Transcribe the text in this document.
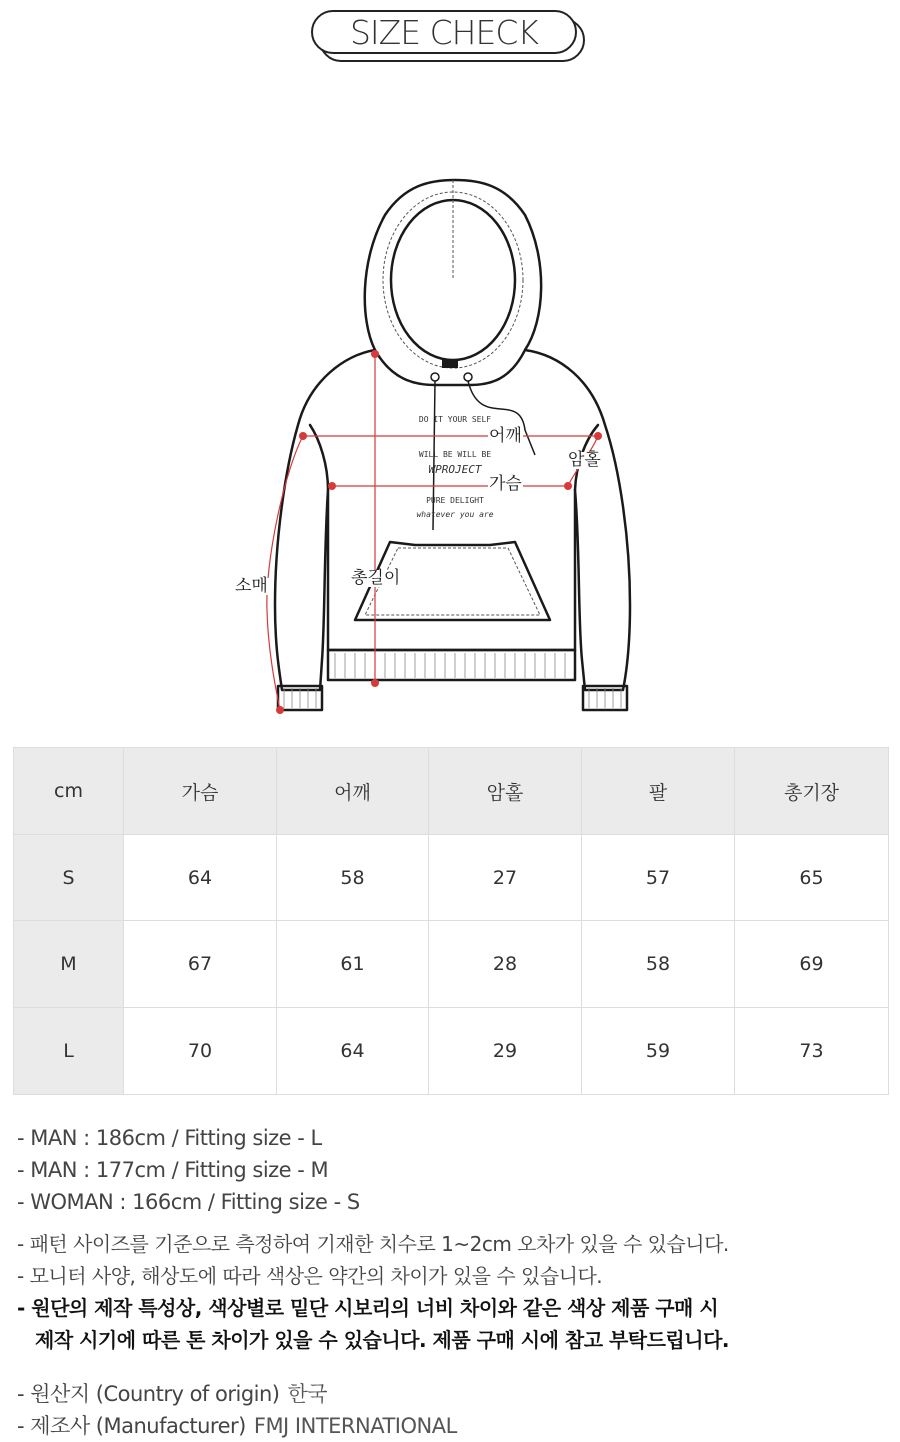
SIZE CHECK
DO IT YOUR SELF
WILL BE WILL BE
WPROJECT
PURE DELIGHT
whatever you are
어깨
가슴
암홀
소매	총길이
cm	가슴	어깨	암홀	팔	총기장
S	64	58	27	57	65
M	67	61	28	58	69
L	70	64	29	59	73
- MAN : 186cm / Fitting size - L
- MAN : 177cm / Fitting size - M
- WOMAN : 166cm / Fitting size - S
- 패턴 사이즈를 기준으로 측정하여 기재한 치수로 1~2cm 오차가 있을 수 있습니다.
- 모니터 사양, 해상도에 따라 색상은 약간의 차이가 있을 수 있습니다.
- 원단의 제작 특성상, 색상별로 밑단 시보리의 너비 차이와 같은 색상 제품 구매 시
제작 시기에 따른 톤 차이가 있을 수 있습니다. 제품 구매 시에 참고 부탁드립니다.
- 원산지 (Country of origin) 한국
- 제조사 (Manufacturer) FMJ INTERNATIONAL
